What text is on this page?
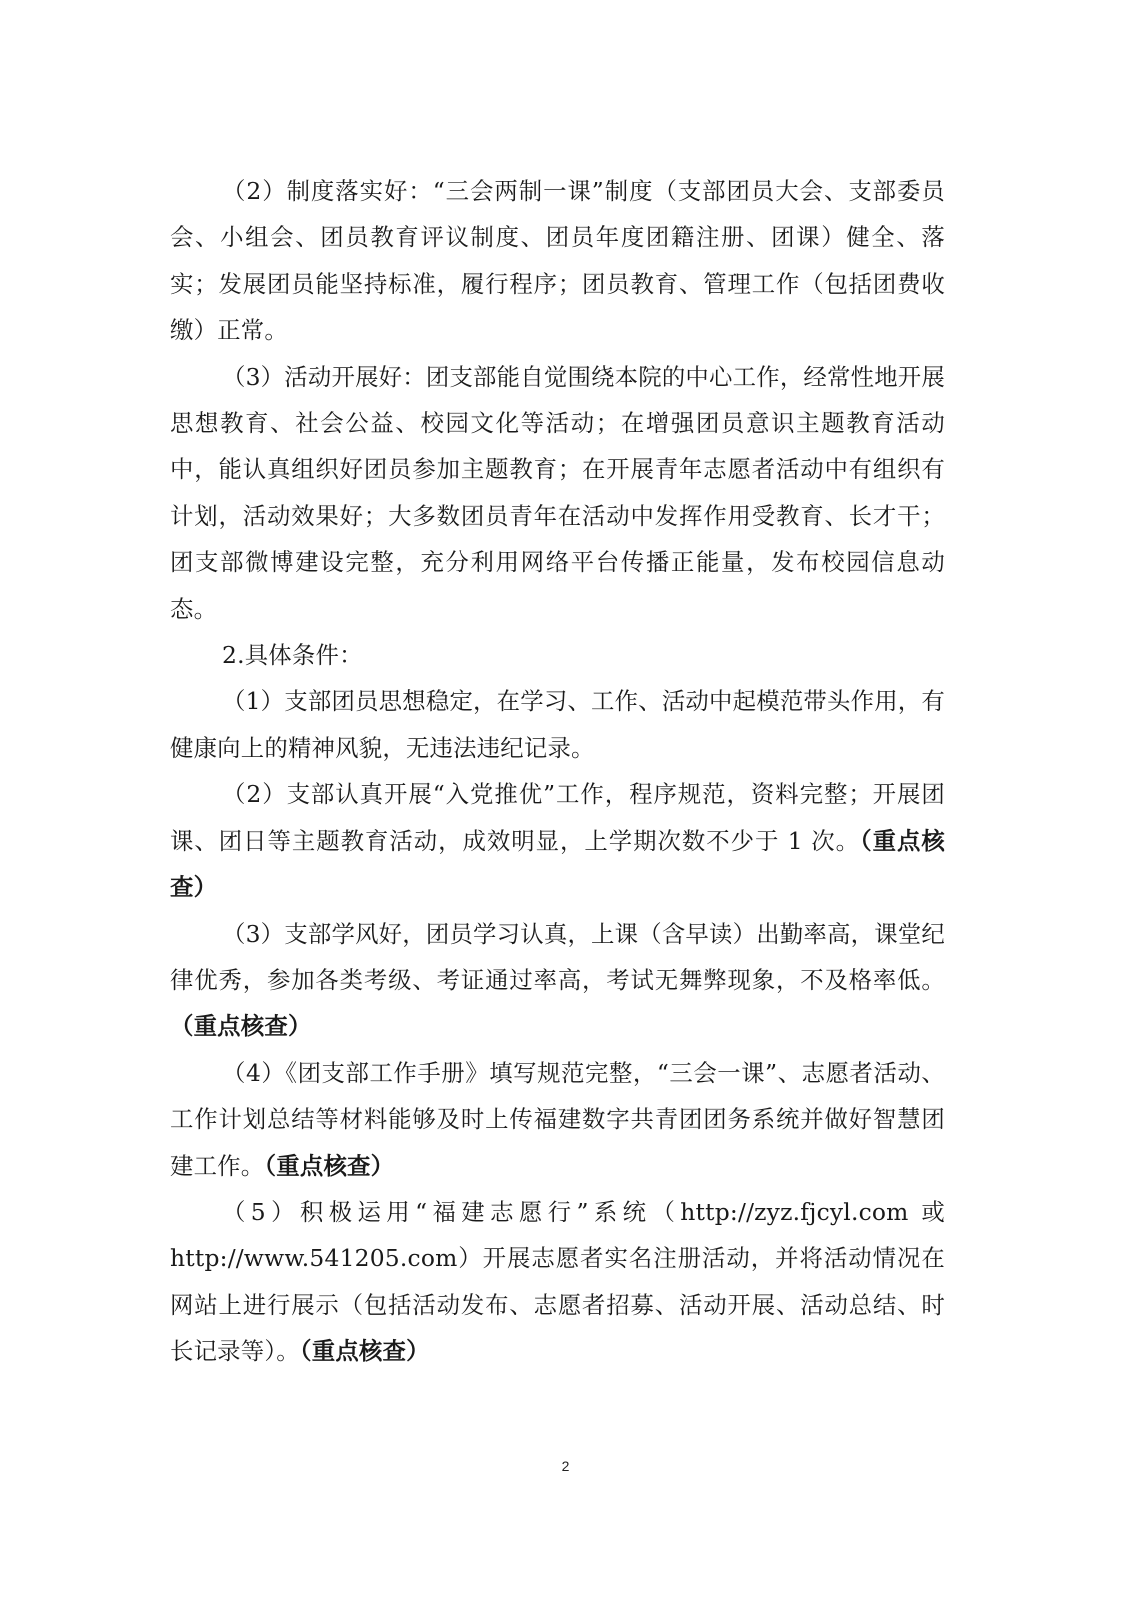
（2）制度落实好：“三会两制一课”制度（支部团员大会、支部委员会、小组会、团员教育评议制度、团员年度团籍注册、团课）健全、落实；发展团员能坚持标准，履行程序；团员教育、管理工作（包括团费收缴）正常。

（3）活动开展好：团支部能自觉围绕本院的中心工作，经常性地开展思想教育、社会公益、校园文化等活动；在增强团员意识主题教育活动中，能认真组织好团员参加主题教育；在开展青年志愿者活动中有组织有计划，活动效果好；大多数团员青年在活动中发挥作用受教育、长才干；团支部微博建设完整，充分利用网络平台传播正能量，发布校园信息动态。

2.具体条件：

（1）支部团员思想稳定，在学习、工作、活动中起模范带头作用，有健康向上的精神风貌，无违法违纪记录。

（2）支部认真开展“入党推优”工作，程序规范，资料完整；开展团课、团日等主题教育活动，成效明显，上学期次数不少于 1 次。（重点核查）

（3）支部学风好，团员学习认真，上课（含早读）出勤率高，课堂纪律优秀，参加各类考级、考证通过率高，考试无舞弊现象，不及格率低。（重点核查）

（4）《团支部工作手册》填写规范完整，“三会一课”、志愿者活动、工作计划总结等材料能够及时上传福建数字共青团团务系统并做好智慧团建工作。（重点核查）

（5）积极运用“福建志愿行”系统（http://zyz.fjcyl.com 或 http://www.541205.com）开展志愿者实名注册活动，并将活动情况在网站上进行展示（包括活动发布、志愿者招募、活动开展、活动总结、时长记录等）。（重点核查）

2
